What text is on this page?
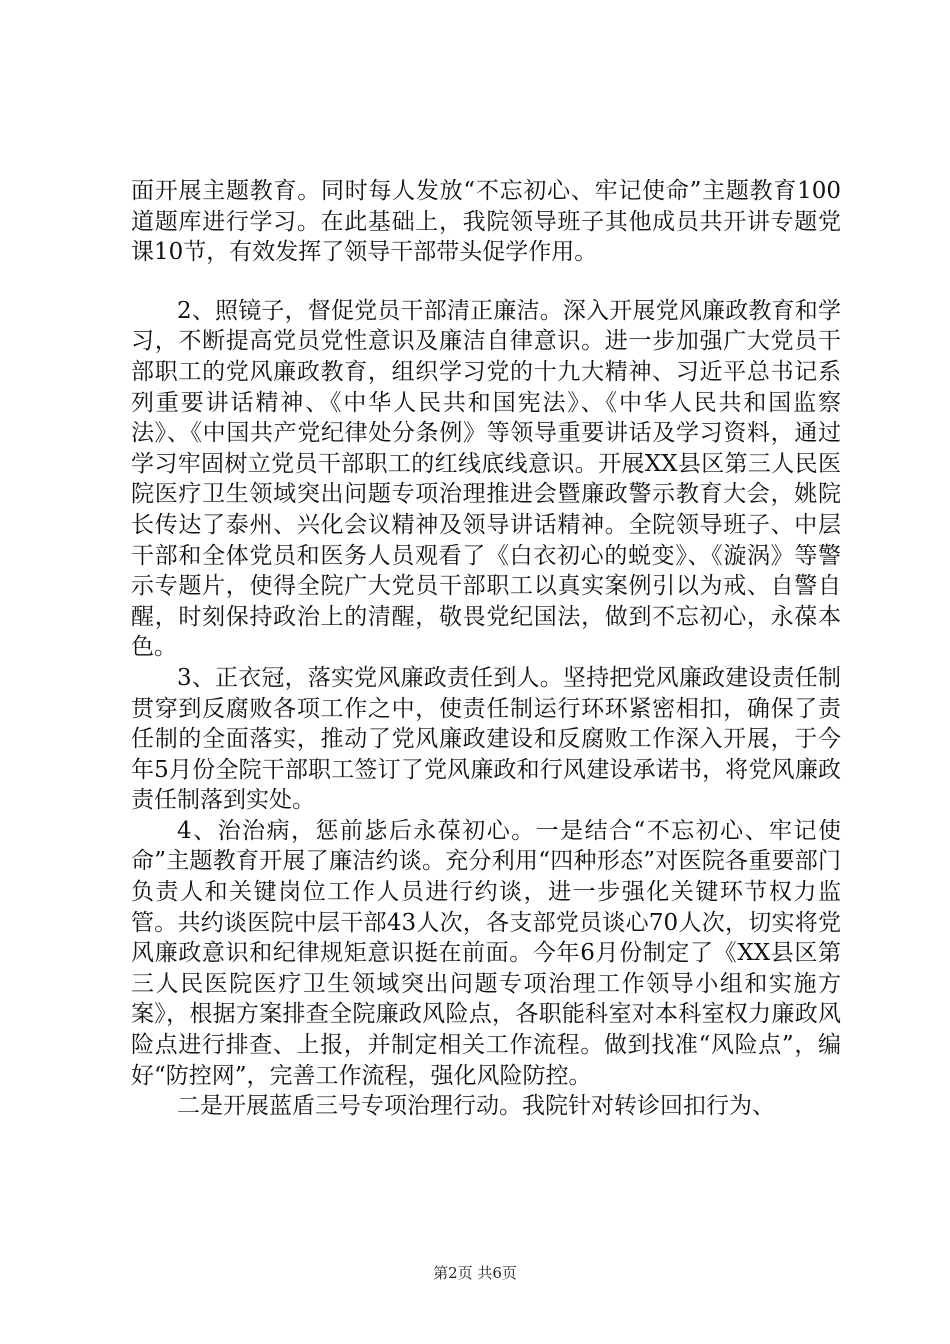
面开展主题教育。同时每人发放“不忘初心、牢记使命”主题教育100道题库进行学习。在此基础上，我院领导班子其他成员共开讲专题党课10节，有效发挥了领导干部带头促学作用。

2、照镜子，督促党员干部清正廉洁。深入开展党风廉政教育和学习，不断提高党员党性意识及廉洁自律意识。进一步加强广大党员干部职工的党风廉政教育，组织学习党的十九大精神、习近平总书记系列重要讲话精神、《中华人民共和国宪法》、《中华人民共和国监察法》、《中国共产党纪律处分条例》等领导重要讲话及学习资料，通过学习牢固树立党员干部职工的红线底线意识。开展XX县区第三人民医院医疗卫生领域突出问题专项治理推进会暨廉政警示教育大会，姚院长传达了泰州、兴化会议精神及领导讲话精神。全院领导班子、中层干部和全体党员和医务人员观看了《白衣初心的蜕变》、《漩涡》等警示专题片，使得全院广大党员干部职工以真实案例引以为戒、自警自醒，时刻保持政治上的清醒，敬畏党纪国法，做到不忘初心，永葆本色。

3、正衣冠，落实党风廉政责任到人。坚持把党风廉政建设责任制贯穿到反腐败各项工作之中，使责任制运行环环紧密相扣，确保了责任制的全面落实，推动了党风廉政建设和反腐败工作深入开展，于今年5月份全院干部职工签订了党风廉政和行风建设承诺书，将党风廉政责任制落到实处。

4、治治病，惩前毖后永葆初心。一是结合“不忘初心、牢记使命”主题教育开展了廉洁约谈。充分利用“四种形态”对医院各重要部门负责人和关键岗位工作人员进行约谈，进一步强化关键环节权力监管。共约谈医院中层干部43人次，各支部党员谈心70人次，切实将党风廉政意识和纪律规矩意识挺在前面。今年6月份制定了《XX县区第三人民医院医疗卫生领域突出问题专项治理工作领导小组和实施方案》，根据方案排查全院廉政风险点，各职能科室对本科室权力廉政风险点进行排查、上报，并制定相关工作流程。做到找准“风险点”，编好“防控网”，完善工作流程，强化风险防控。

二是开展蓝盾三号专项治理行动。我院针对转诊回扣行为、

第2页 共6页
